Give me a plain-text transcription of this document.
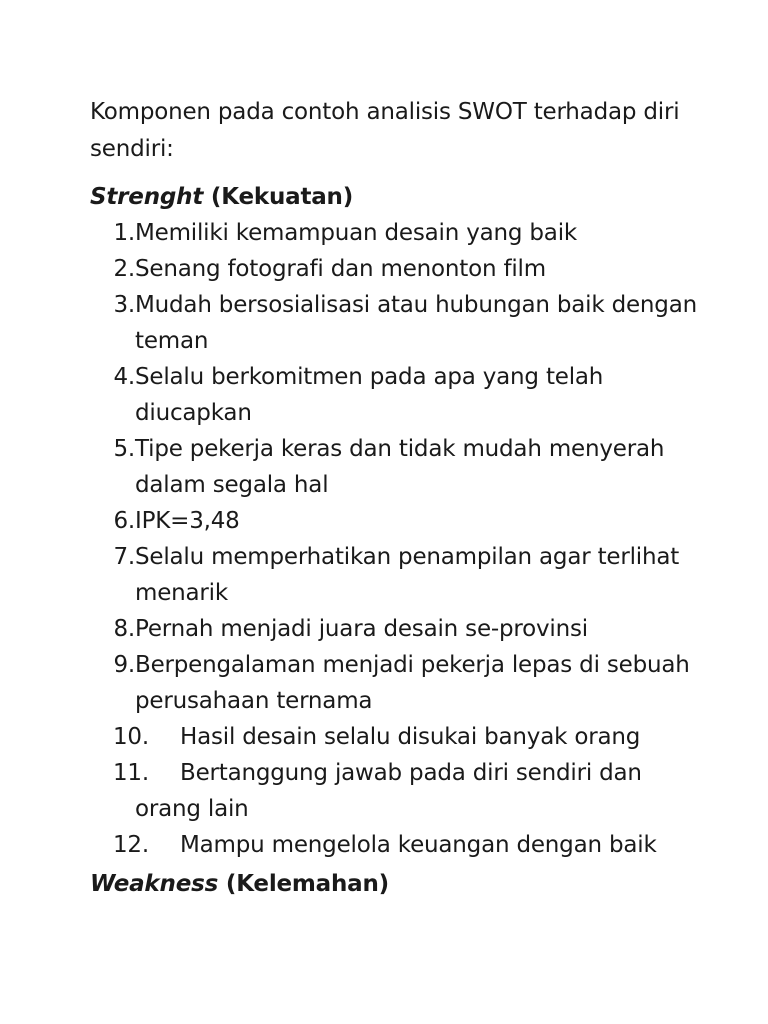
Komponen pada contoh analisis SWOT terhadap diri sendiri:

Strenght (Kekuatan)
1. Memiliki kemampuan desain yang baik
2. Senang fotografi dan menonton film
3. Mudah bersosialisasi atau hubungan baik dengan teman
4. Selalu berkomitmen pada apa yang telah diucapkan
5. Tipe pekerja keras dan tidak mudah menyerah dalam segala hal
6. IPK=3,48
7. Selalu memperhatikan penampilan agar terlihat menarik
8. Pernah menjadi juara desain se-provinsi
9. Berpengalaman menjadi pekerja lepas di sebuah perusahaan ternama
10. Hasil desain selalu disukai banyak orang
11. Bertanggung jawab pada diri sendiri dan orang lain
12. Mampu mengelola keuangan dengan baik
Weakness (Kelemahan)
